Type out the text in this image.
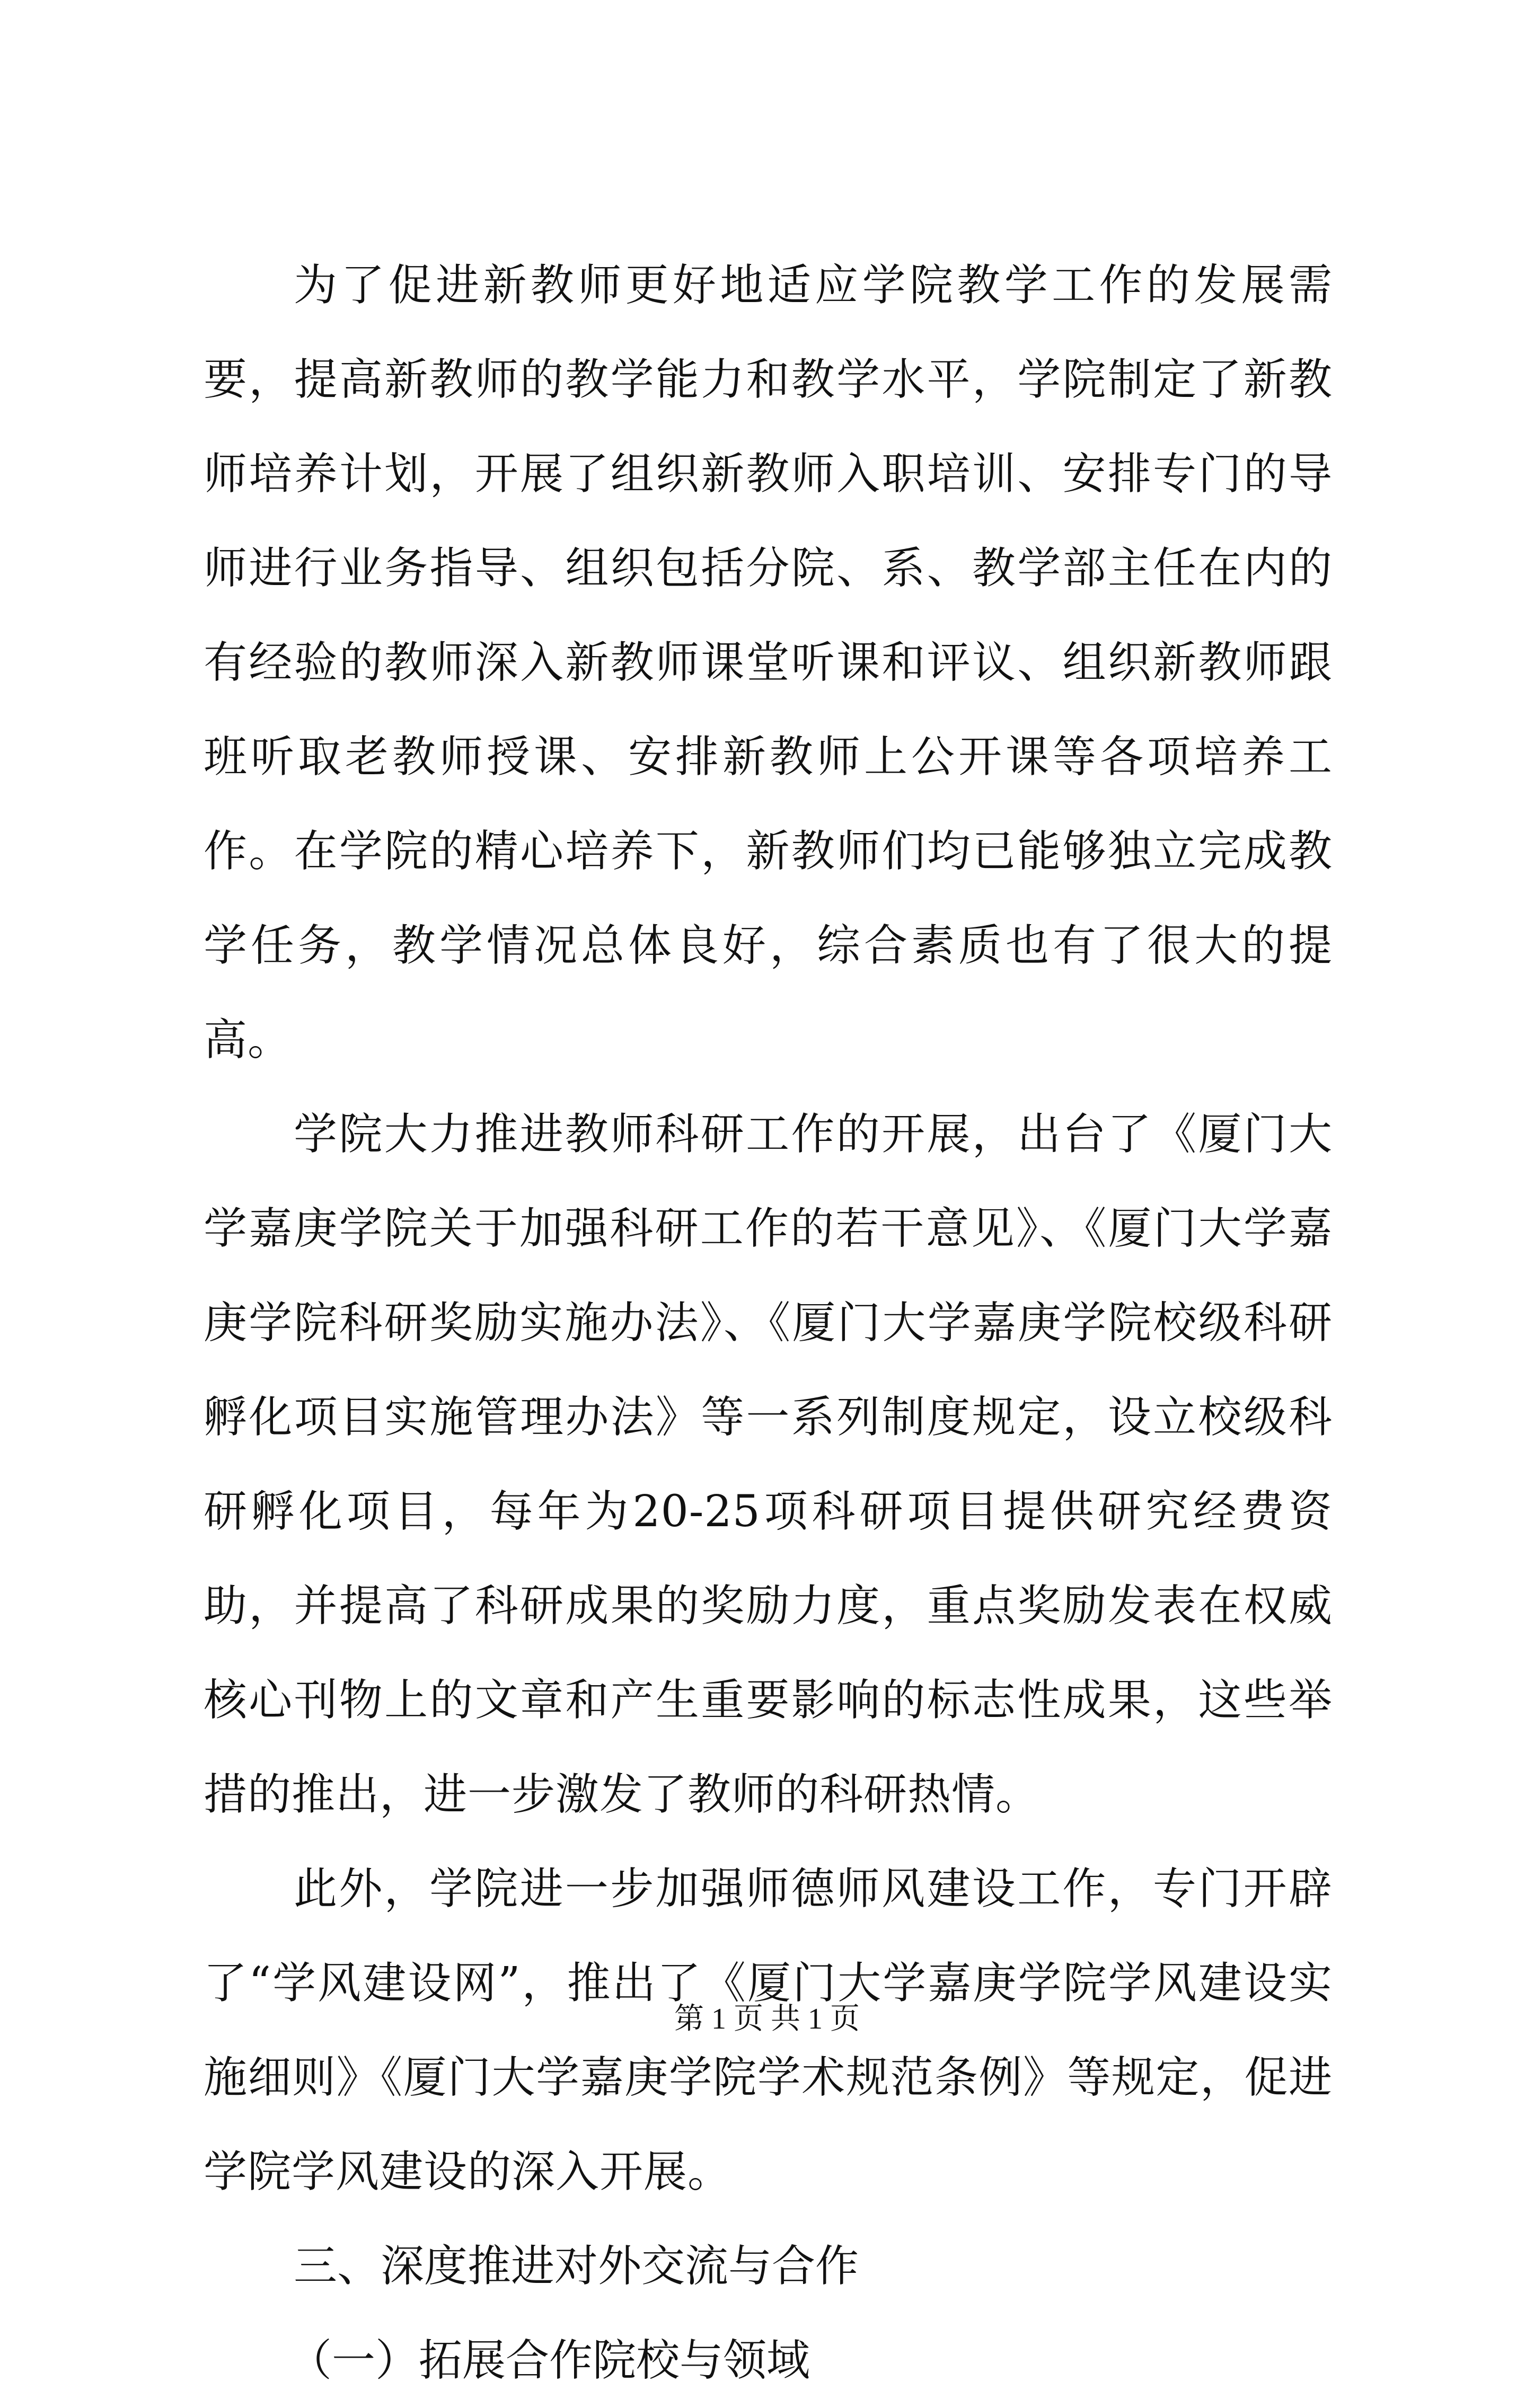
为了促进新教师更好地适应学院教学工作的发展需要，提高新教师的教学能力和教学水平，学院制定了新教师培养计划，开展了组织新教师入职培训、安排专门的导师进行业务指导、组织包括分院、系、教学部主任在内的有经验的教师深入新教师课堂听课和评议、组织新教师跟班听取老教师授课、安排新教师上公开课等各项培养工作。在学院的精心培养下，新教师们均已能够独立完成教学任务，教学情况总体良好，综合素质也有了很大的提高。

学院大力推进教师科研工作的开展，出台了《厦门大学嘉庚学院关于加强科研工作的若干意见》、《厦门大学嘉庚学院科研奖励实施办法》、《厦门大学嘉庚学院校级科研孵化项目实施管理办法》等一系列制度规定，设立校级科研孵化项目，每年为20-25项科研项目提供研究经费资助，并提高了科研成果的奖励力度，重点奖励发表在权威核心刊物上的文章和产生重要影响的标志性成果，这些举措的推出，进一步激发了教师的科研热情。

此外，学院进一步加强师德师风建设工作，专门开辟了“学风建设网”，推出了《厦门大学嘉庚学院学风建设实施细则》《厦门大学嘉庚学院学术规范条例》等规定，促进学院学风建设的深入开展。

三、深度推进对外交流与合作

（一）拓展合作院校与领域

第 1 页 共 1 页
